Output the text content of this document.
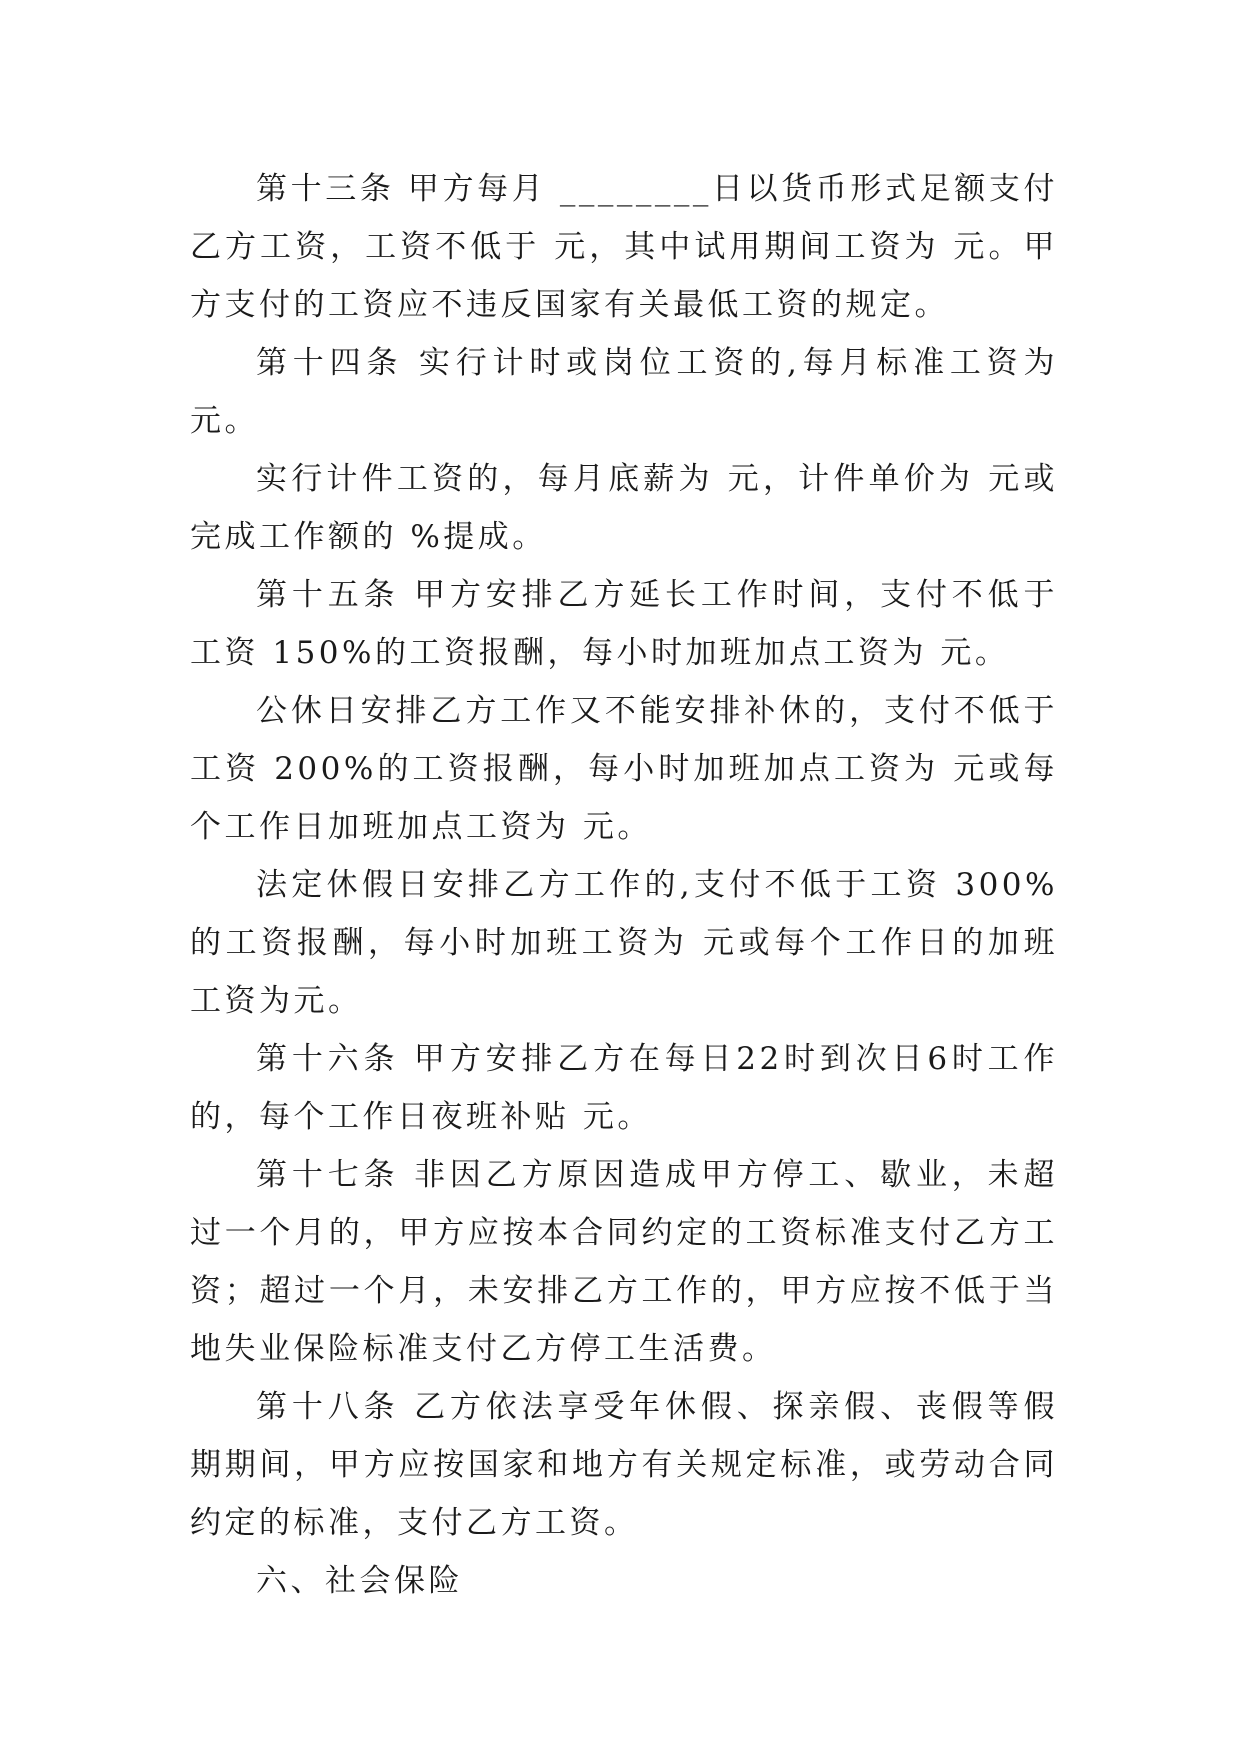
第十三条 甲方每月 ________日以货币形式足额支付乙方工资，工资不低于 元，其中试用期间工资为 元。甲方支付的工资应不违反国家有关最低工资的规定。

第十四条 实行计时或岗位工资的,每月标准工资为 元。

实行计件工资的，每月底薪为 元，计件单价为 元或完成工作额的 %提成。

第十五条 甲方安排乙方延长工作时间，支付不低于工资 150%的工资报酬，每小时加班加点工资为 元。

公休日安排乙方工作又不能安排补休的，支付不低于工资 200%的工资报酬，每小时加班加点工资为 元或每个工作日加班加点工资为 元。

法定休假日安排乙方工作的,支付不低于工资 300%的工资报酬，每小时加班工资为 元或每个工作日的加班工资为元。

第十六条 甲方安排乙方在每日22时到次日6时工作的，每个工作日夜班补贴 元。

第十七条 非因乙方原因造成甲方停工、歇业，未超过一个月的，甲方应按本合同约定的工资标准支付乙方工资；超过一个月，未安排乙方工作的，甲方应按不低于当地失业保险标准支付乙方停工生活费。

第十八条 乙方依法享受年休假、探亲假、丧假等假期期间，甲方应按国家和地方有关规定标准，或劳动合同约定的标准，支付乙方工资。

六、社会保险
